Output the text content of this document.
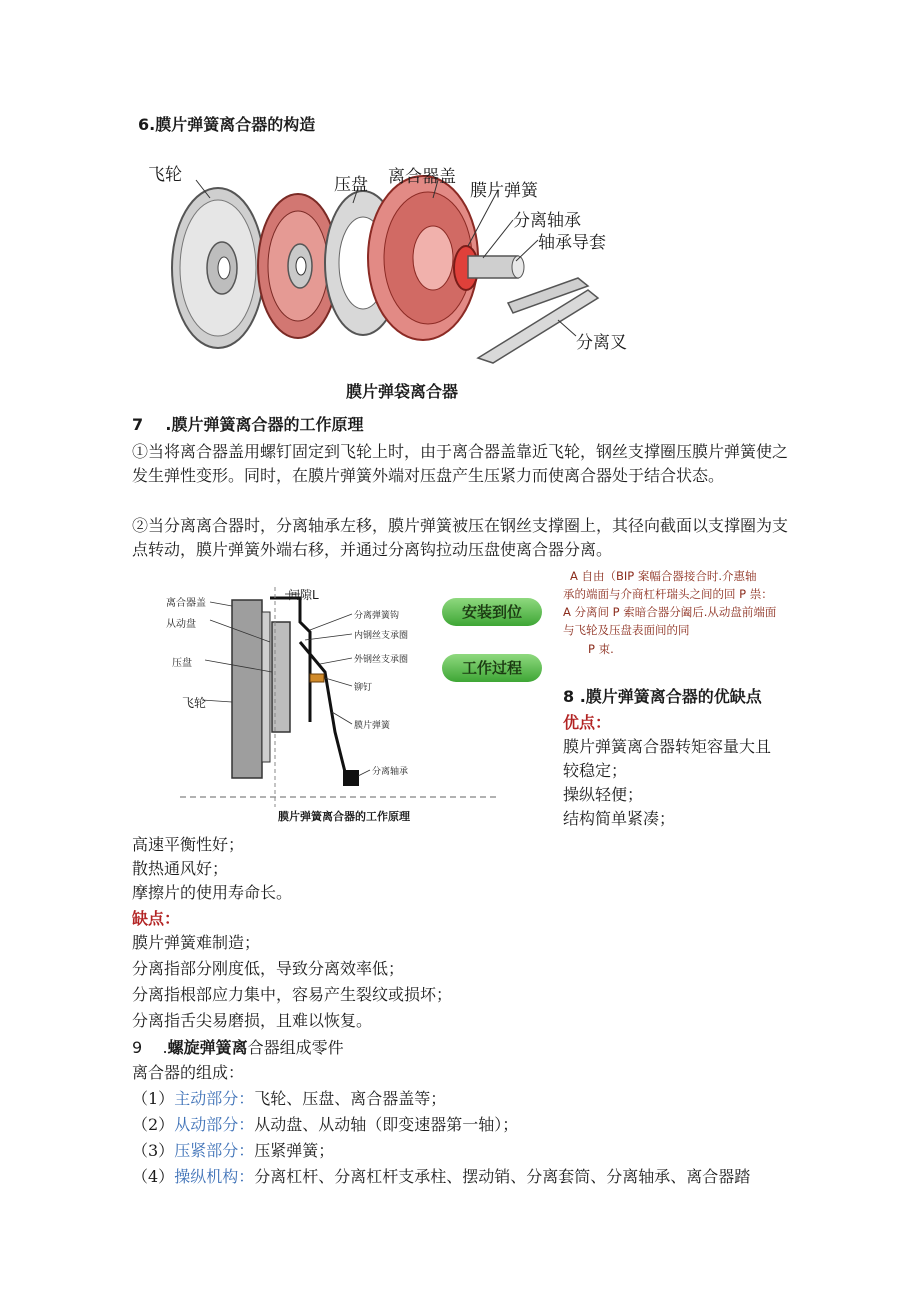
6.膜片弹簧离合器的构造
飞轮	压盘 离合器盖
膜片弹簧
分离轴承
轴承导套
分离叉
膜片弹袋离合器
7    .膜片弹簧离合器的工作原理
①当将离合器盖用螺钉固定到飞轮上时，由于离合器盖靠近飞轮，钢丝支撑圈压膜片弹簧使之发生弹性变形。同时，在膜片弹簧外端对压盘产生压紧力而使离合器处于结合状态。
②当分离离合器时，分离轴承左移，膜片弹簧被压在钢丝支撑圈上，其径向截面以支撑圈为支点转动，膜片弹簧外端右移，并通过分离钩拉动压盘使离合器分离。
离合器盖
间隙L
从动盘
压盘
飞轮
分离弹簧钩
内钢丝支承圈
外钢丝支承圈
铆钉
膜片弹簧
分离轴承
膜片弹簧离合器的工作原理
安装到位
工作过程
A 自由（BIP 案幅合器接合时.介惠轴
承的端面与介商杠杆瑞头之间的回 P 祟：
A 分离间 P 索暗合器分阖后.从动盘前端面
与飞轮及压盘表面间的同
P 束.
8 .膜片弹簧离合器的优缺点
优点：
膜片弹簧离合器转矩容量大且
较稳定；
操纵轻便；
结构简单紧凑；
高速平衡性好；
散热通风好；
摩擦片的使用寿命长。
缺点：
膜片弹簧难制造；
分离指部分刚度低，导致分离效率低；
分离指根部应力集中，容易产生裂纹或损坏；
分离指舌尖易磨损，且难以恢复。
9    .螺旋弹簧离合器组成零件
离合器的组成：
（1）主动部分：飞轮、压盘、离合器盖等；
（2）从动部分：从动盘、从动轴（即变速器第一轴）；
（3）压紧部分：压紧弹簧；
（4）操纵机构：分离杠杆、分离杠杆支承柱、摆动销、分离套筒、分离轴承、离合器踏
